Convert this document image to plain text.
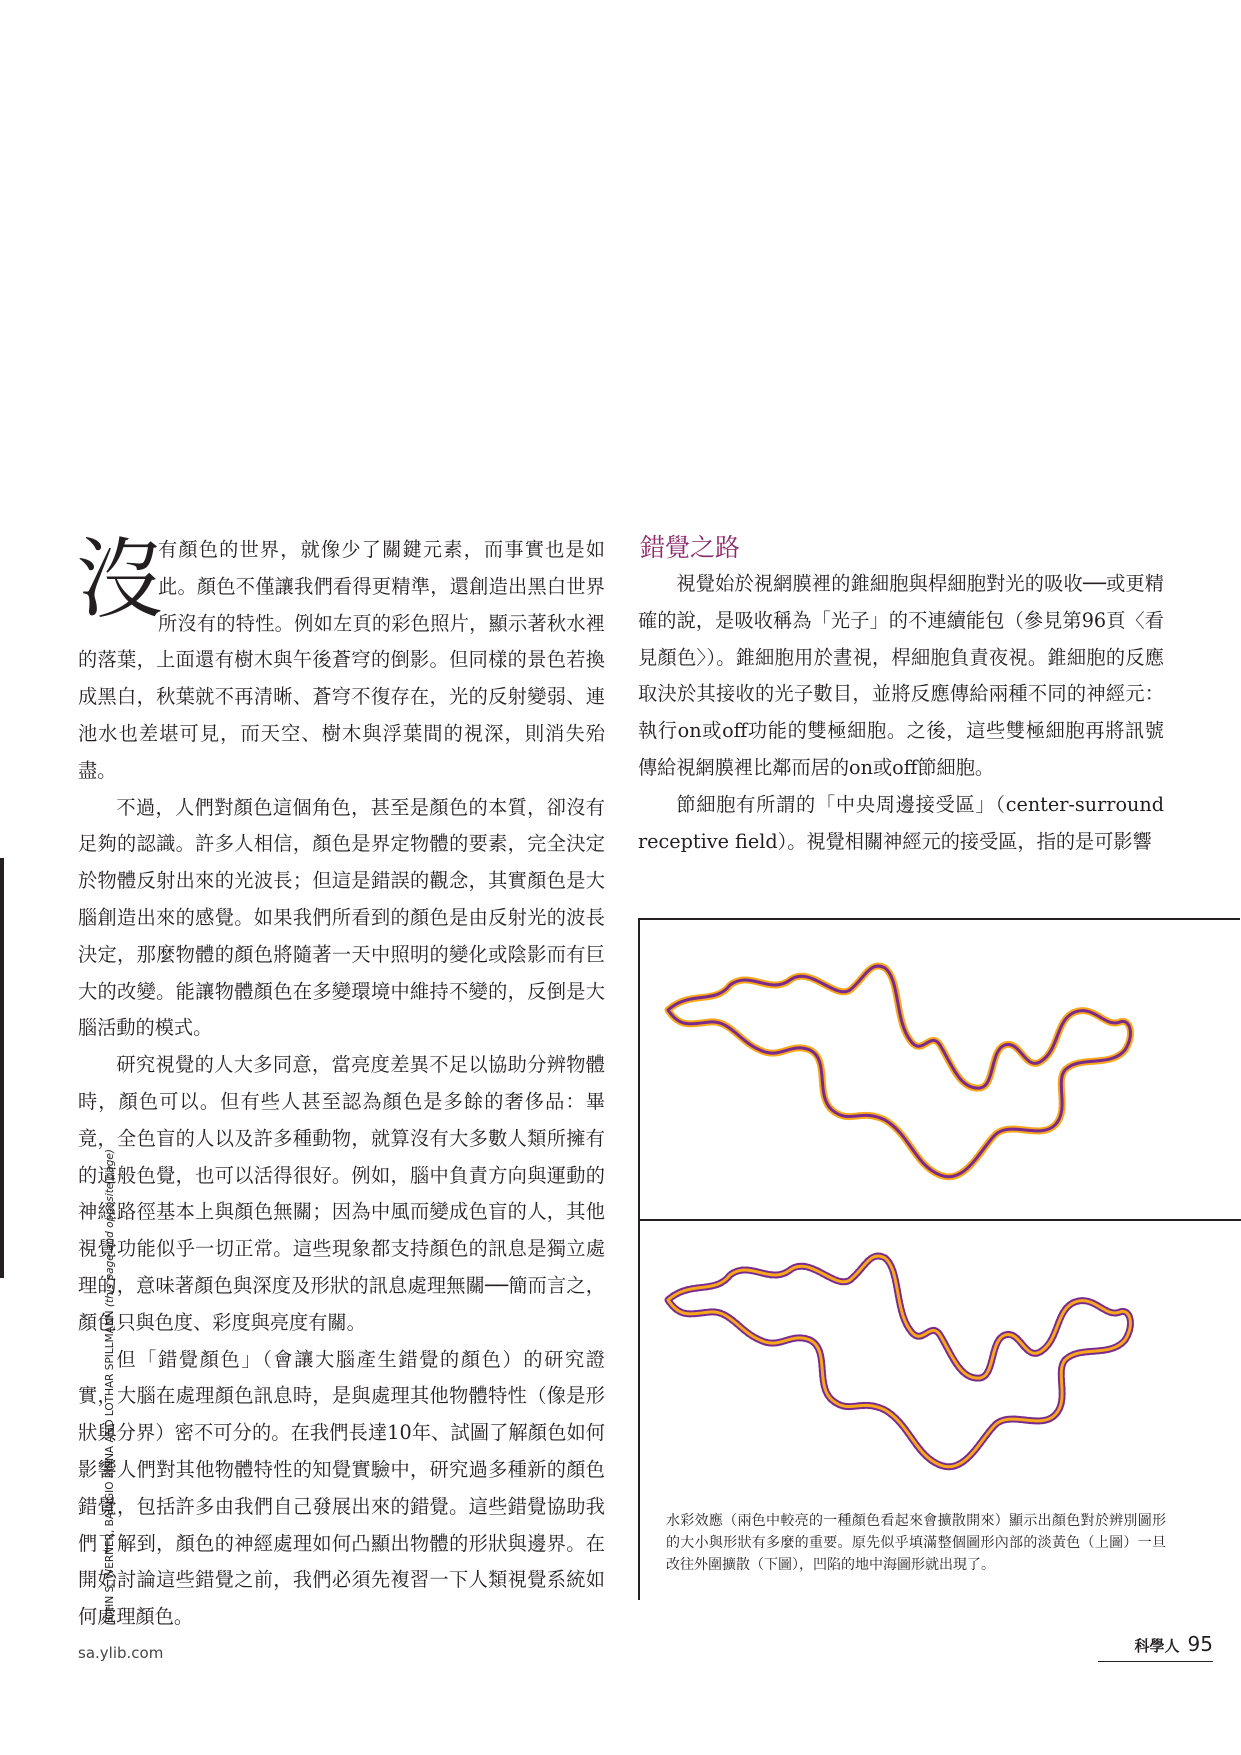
JOHN S. WERNER, BAINGIO PINNA AND LOTHAR SPILLMANN (this page and opposite page)

沒
有顏色的世界，就像少了關鍵元素，而事實也是如此。顏色不僅讓我們看得更精準，還創造出黑白世界所沒有的特性。例如左頁的彩色照片，顯示著秋水裡的落葉，上面還有樹木與午後蒼穹的倒影。但同樣的景色若換成黑白，秋葉就不再清晰、蒼穹不復存在，光的反射變弱、連池水也差堪可見，而天空、樹木與浮葉間的視深，則消失殆盡。

不過，人們對顏色這個角色，甚至是顏色的本質，卻沒有足夠的認識。許多人相信，顏色是界定物體的要素，完全決定於物體反射出來的光波長；但這是錯誤的觀念，其實顏色是大腦創造出來的感覺。如果我們所看到的顏色是由反射光的波長決定，那麼物體的顏色將隨著一天中照明的變化或陰影而有巨大的改變。能讓物體顏色在多變環境中維持不變的，反倒是大腦活動的模式。

研究視覺的人大多同意，當亮度差異不足以協助分辨物體時，顏色可以。但有些人甚至認為顏色是多餘的奢侈品：畢竟，全色盲的人以及許多種動物，就算沒有大多數人類所擁有的這般色覺，也可以活得很好。例如，腦中負責方向與運動的神經路徑基本上與顏色無關；因為中風而變成色盲的人，其他視覺功能似乎一切正常。這些現象都支持顏色的訊息是獨立處理的，意味著顏色與深度及形狀的訊息處理無關──簡而言之，顏色只與色度、彩度與亮度有關。

但「錯覺顏色」（會讓大腦產生錯覺的顏色）的研究證實，大腦在處理顏色訊息時，是與處理其他物體特性（像是形狀與分界）密不可分的。在我們長達10年、試圖了解顏色如何影響人們對其他物體特性的知覺實驗中，研究過多種新的顏色錯覺，包括許多由我們自己發展出來的錯覺。這些錯覺協助我們了解到，顏色的神經處理如何凸顯出物體的形狀與邊界。在開始討論這些錯覺之前，我們必須先複習一下人類視覺系統如何處理顏色。

錯覺之路

視覺始於視網膜裡的錐細胞與桿細胞對光的吸收──或更精確的說，是吸收稱為「光子」的不連續能包（參見第96頁〈看見顏色〉）。錐細胞用於晝視，桿細胞負責夜視。錐細胞的反應取決於其接收的光子數目，並將反應傳給兩種不同的神經元：執行on或off功能的雙極細胞。之後，這些雙極細胞再將訊號傳給視網膜裡比鄰而居的on或off節細胞。

節細胞有所謂的「中央周邊接受區」（center-surround receptive field）。視覺相關神經元的接受區，指的是可影響

水彩效應（兩色中較亮的一種顏色看起來會擴散開來）顯示出顏色對於辨別圖形的大小與形狀有多麼的重要。原先似乎填滿整個圖形內部的淡黃色（上圖）一旦改往外圍擴散（下圖），凹陷的地中海圖形就出現了。

sa.ylib.com	科學人 95
